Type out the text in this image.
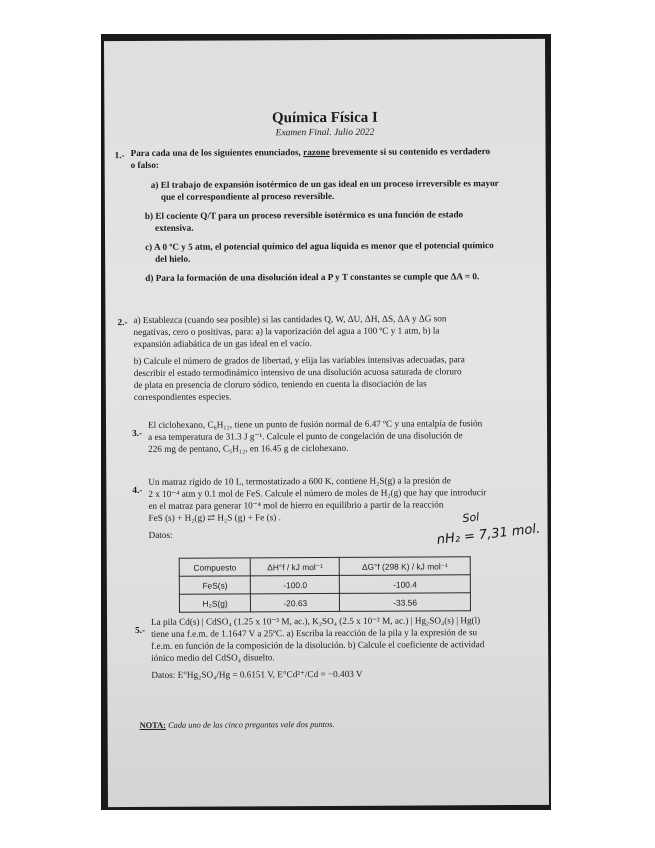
Química Física I
Examen Final. Julio 2022
1.- Para cada una de los siguientes enunciados, razone brevemente si su contenido es verdadero
o falso:
a) El trabajo de expansión isotérmico de un gas ideal en un proceso irreversible es mayor
que el correspondiente al proceso reversible.
b) El cociente Q/T para un proceso reversible isotérmico es una función de estado
extensiva.
c) A 0 ºC y 5 atm, el potencial químico del agua líquida es menor que el potencial químico
del hielo.
d) Para la formación de una disolución ideal a P y T constantes se cumple que ΔA = 0.
2.- a) Establezca (cuando sea posible) si las cantidades Q, W, ΔU, ΔH, ΔS, ΔA y ΔG son
negativas, cero o positivas, para: a) la vaporización del agua a 100 ºC y 1 atm, b) la
expansión adiabática de un gas ideal en el vacío.
b) Calcule el número de grados de libertad, y elija las variables intensivas adecuadas, para
describir el estado termodinámico intensivo de una disolución acuosa saturada de cloruro
de plata en presencia de cloruro sódico, teniendo en cuenta la disociación de las
correspondientes especies.
3.-
El ciclohexano, C₆H₁₂, tiene un punto de fusión normal de 6.47 ºC y una entalpía de fusión
a esa temperatura de 31.3 J g⁻¹. Calcule el punto de congelación de una disolución de
226 mg de pentano, C₅H₁₂, en 16.45 g de ciclohexano.
4.-
Un matraz rígido de 10 L, termostatizado a 600 K, contiene H₂S(g) a la presión de
2 x 10⁻⁴ atm y 0.1 mol de FeS. Calcule el número de moles de H₂(g) que hay que introducir
en el matraz para generar 10⁻⁴ mol de hierro en equilibrio a partir de la reacción
FeS (s) + H₂(g) ⇄ H₂S (g) + Fe (s) .
Datos:
Sol
nH₂ = 7,31 mol.
Compuesto	ΔH°f / kJ mol⁻¹	ΔG°f (298 K) / kJ mol⁻¹
FeS(s)	-100.0	-100.4
H₂S(g)	-20.63	-33.56
5.-
La pila Cd(s) | CdSO₄ (1.25 x 10⁻³ M, ac.), K₂SO₄ (2.5 x 10⁻² M, ac.) | Hg₂SO₄(s) | Hg(l)
tiene una f.e.m. de 1.1647 V a 25ºC. a) Escriba la reacción de la pila y la expresión de su
f.e.m. en función de la composición de la disolución. b) Calcule el coeficiente de actividad
iónico medio del CdSO₄ disuelto.
Datos: E°Hg₂SO₄/Hg = 0.6151 V, E°Cd²⁺/Cd = −0.403 V
NOTA: Cada uno de las cinco preguntas vale dos puntos.
